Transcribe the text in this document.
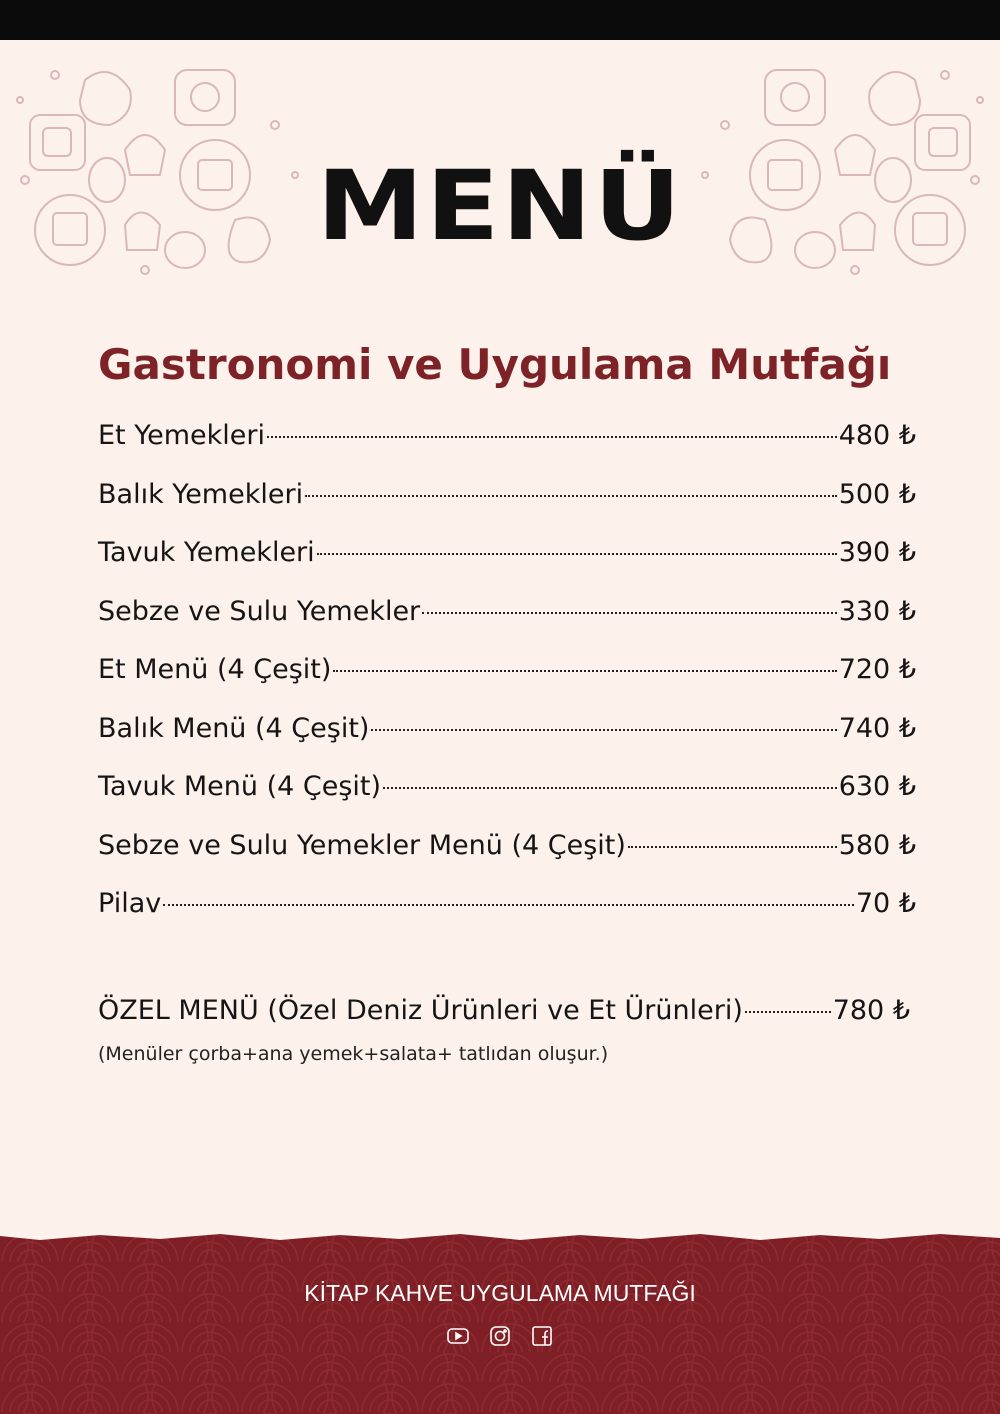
MENÜ
Gastronomi ve Uygulama Mutfağı
Et Yemekleri	480 ₺
Balık Yemekleri	500 ₺
Tavuk Yemekleri	390 ₺
Sebze ve Sulu Yemekler	330 ₺
Et Menü (4 Çeşit)	720 ₺
Balık Menü (4 Çeşit)	740 ₺
Tavuk Menü (4 Çeşit)	630 ₺
Sebze ve Sulu Yemekler Menü (4 Çeşit)	580 ₺
Pilav	70 ₺
ÖZEL MENÜ (Özel Deniz Ürünleri ve Et Ürünleri)	780 ₺
(Menüler çorba+ana yemek+salata+ tatlıdan oluşur.)
KİTAP KAHVE UYGULAMA MUTFAĞI
